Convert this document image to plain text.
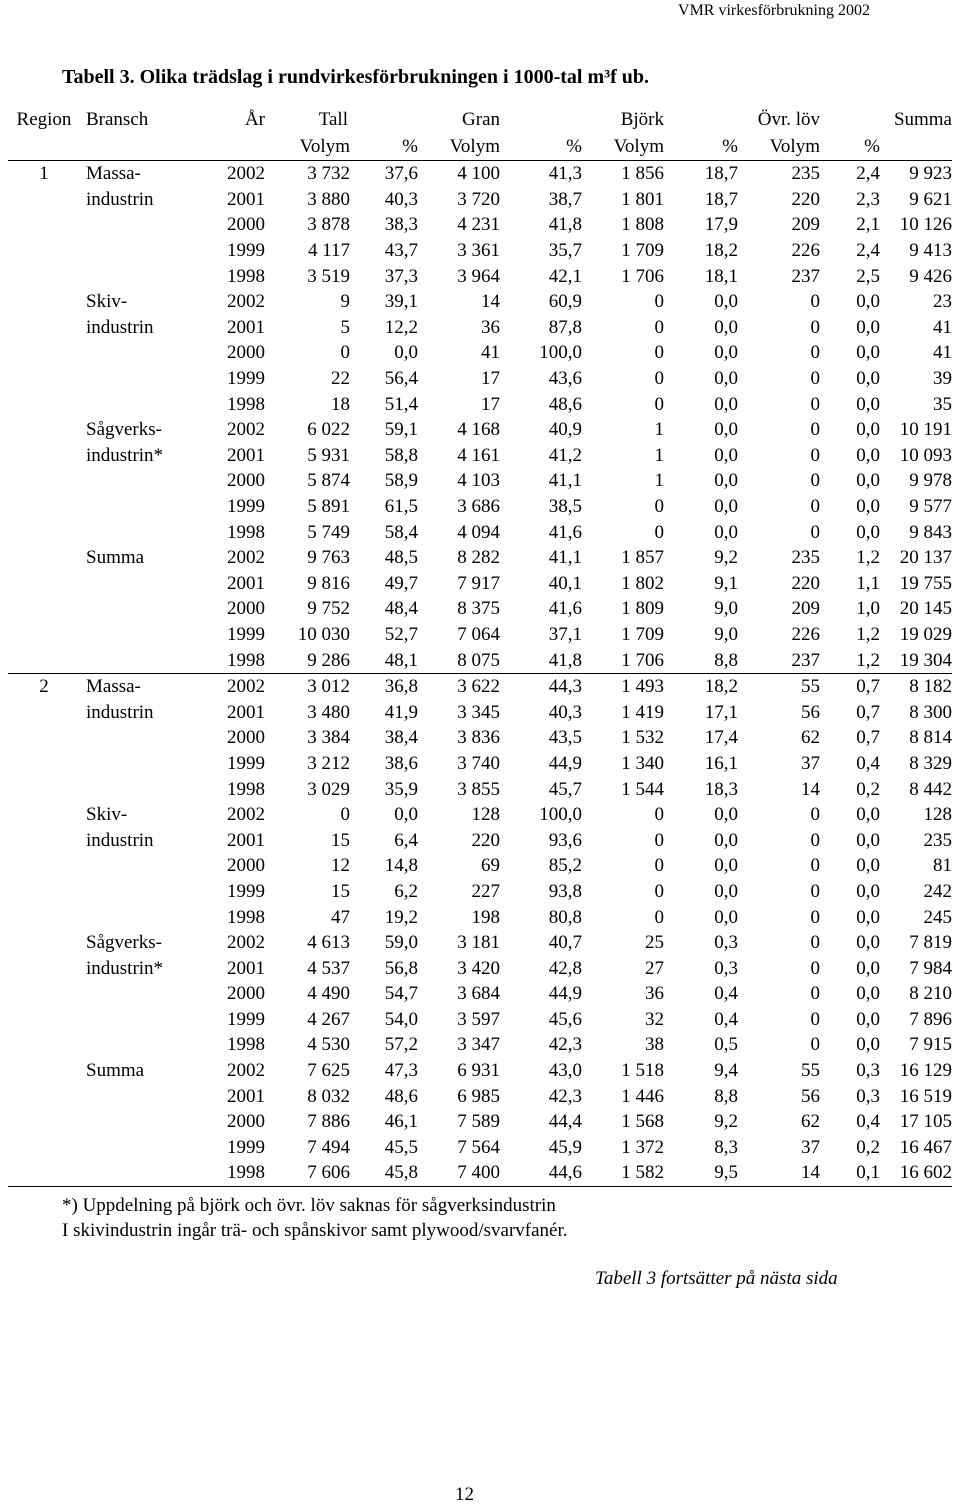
VMR virkesförbrukning 2002
Tabell 3. Olika trädslag i rundvirkesförbrukningen i 1000-tal m³f ub.
Region	Bransch	År	Tall		Gran		Björk		Övr. löv		Summa
			Volym	%	Volym	%	Volym	%	Volym	%	
1	Massa-	2002	3 732	37,6	4 100	41,3	1 856	18,7	235	2,4	9 923
	industrin	2001	3 880	40,3	3 720	38,7	1 801	18,7	220	2,3	9 621
		2000	3 878	38,3	4 231	41,8	1 808	17,9	209	2,1	10 126
		1999	4 117	43,7	3 361	35,7	1 709	18,2	226	2,4	9 413
		1998	3 519	37,3	3 964	42,1	1 706	18,1	237	2,5	9 426
	Skiv-	2002	9	39,1	14	60,9	0	0,0	0	0,0	23
	industrin	2001	5	12,2	36	87,8	0	0,0	0	0,0	41
		2000	0	0,0	41	100,0	0	0,0	0	0,0	41
		1999	22	56,4	17	43,6	0	0,0	0	0,0	39
		1998	18	51,4	17	48,6	0	0,0	0	0,0	35
	Sågverks-	2002	6 022	59,1	4 168	40,9	1	0,0	0	0,0	10 191
	industrin*	2001	5 931	58,8	4 161	41,2	1	0,0	0	0,0	10 093
		2000	5 874	58,9	4 103	41,1	1	0,0	0	0,0	9 978
		1999	5 891	61,5	3 686	38,5	0	0,0	0	0,0	9 577
		1998	5 749	58,4	4 094	41,6	0	0,0	0	0,0	9 843
	Summa	2002	9 763	48,5	8 282	41,1	1 857	9,2	235	1,2	20 137
		2001	9 816	49,7	7 917	40,1	1 802	9,1	220	1,1	19 755
		2000	9 752	48,4	8 375	41,6	1 809	9,0	209	1,0	20 145
		1999	10 030	52,7	7 064	37,1	1 709	9,0	226	1,2	19 029
		1998	9 286	48,1	8 075	41,8	1 706	8,8	237	1,2	19 304
2	Massa-	2002	3 012	36,8	3 622	44,3	1 493	18,2	55	0,7	8 182
	industrin	2001	3 480	41,9	3 345	40,3	1 419	17,1	56	0,7	8 300
		2000	3 384	38,4	3 836	43,5	1 532	17,4	62	0,7	8 814
		1999	3 212	38,6	3 740	44,9	1 340	16,1	37	0,4	8 329
		1998	3 029	35,9	3 855	45,7	1 544	18,3	14	0,2	8 442
	Skiv-	2002	0	0,0	128	100,0	0	0,0	0	0,0	128
	industrin	2001	15	6,4	220	93,6	0	0,0	0	0,0	235
		2000	12	14,8	69	85,2	0	0,0	0	0,0	81
		1999	15	6,2	227	93,8	0	0,0	0	0,0	242
		1998	47	19,2	198	80,8	0	0,0	0	0,0	245
	Sågverks-	2002	4 613	59,0	3 181	40,7	25	0,3	0	0,0	7 819
	industrin*	2001	4 537	56,8	3 420	42,8	27	0,3	0	0,0	7 984
		2000	4 490	54,7	3 684	44,9	36	0,4	0	0,0	8 210
		1999	4 267	54,0	3 597	45,6	32	0,4	0	0,0	7 896
		1998	4 530	57,2	3 347	42,3	38	0,5	0	0,0	7 915
	Summa	2002	7 625	47,3	6 931	43,0	1 518	9,4	55	0,3	16 129
		2001	8 032	48,6	6 985	42,3	1 446	8,8	56	0,3	16 519
		2000	7 886	46,1	7 589	44,4	1 568	9,2	62	0,4	17 105
		1999	7 494	45,5	7 564	45,9	1 372	8,3	37	0,2	16 467
		1998	7 606	45,8	7 400	44,6	1 582	9,5	14	0,1	16 602
*) Uppdelning på björk och övr. löv saknas för sågverksindustrin
I skivindustrin ingår trä- och spånskivor samt plywood/svarvfanér.
Tabell 3 fortsätter på nästa sida
12
